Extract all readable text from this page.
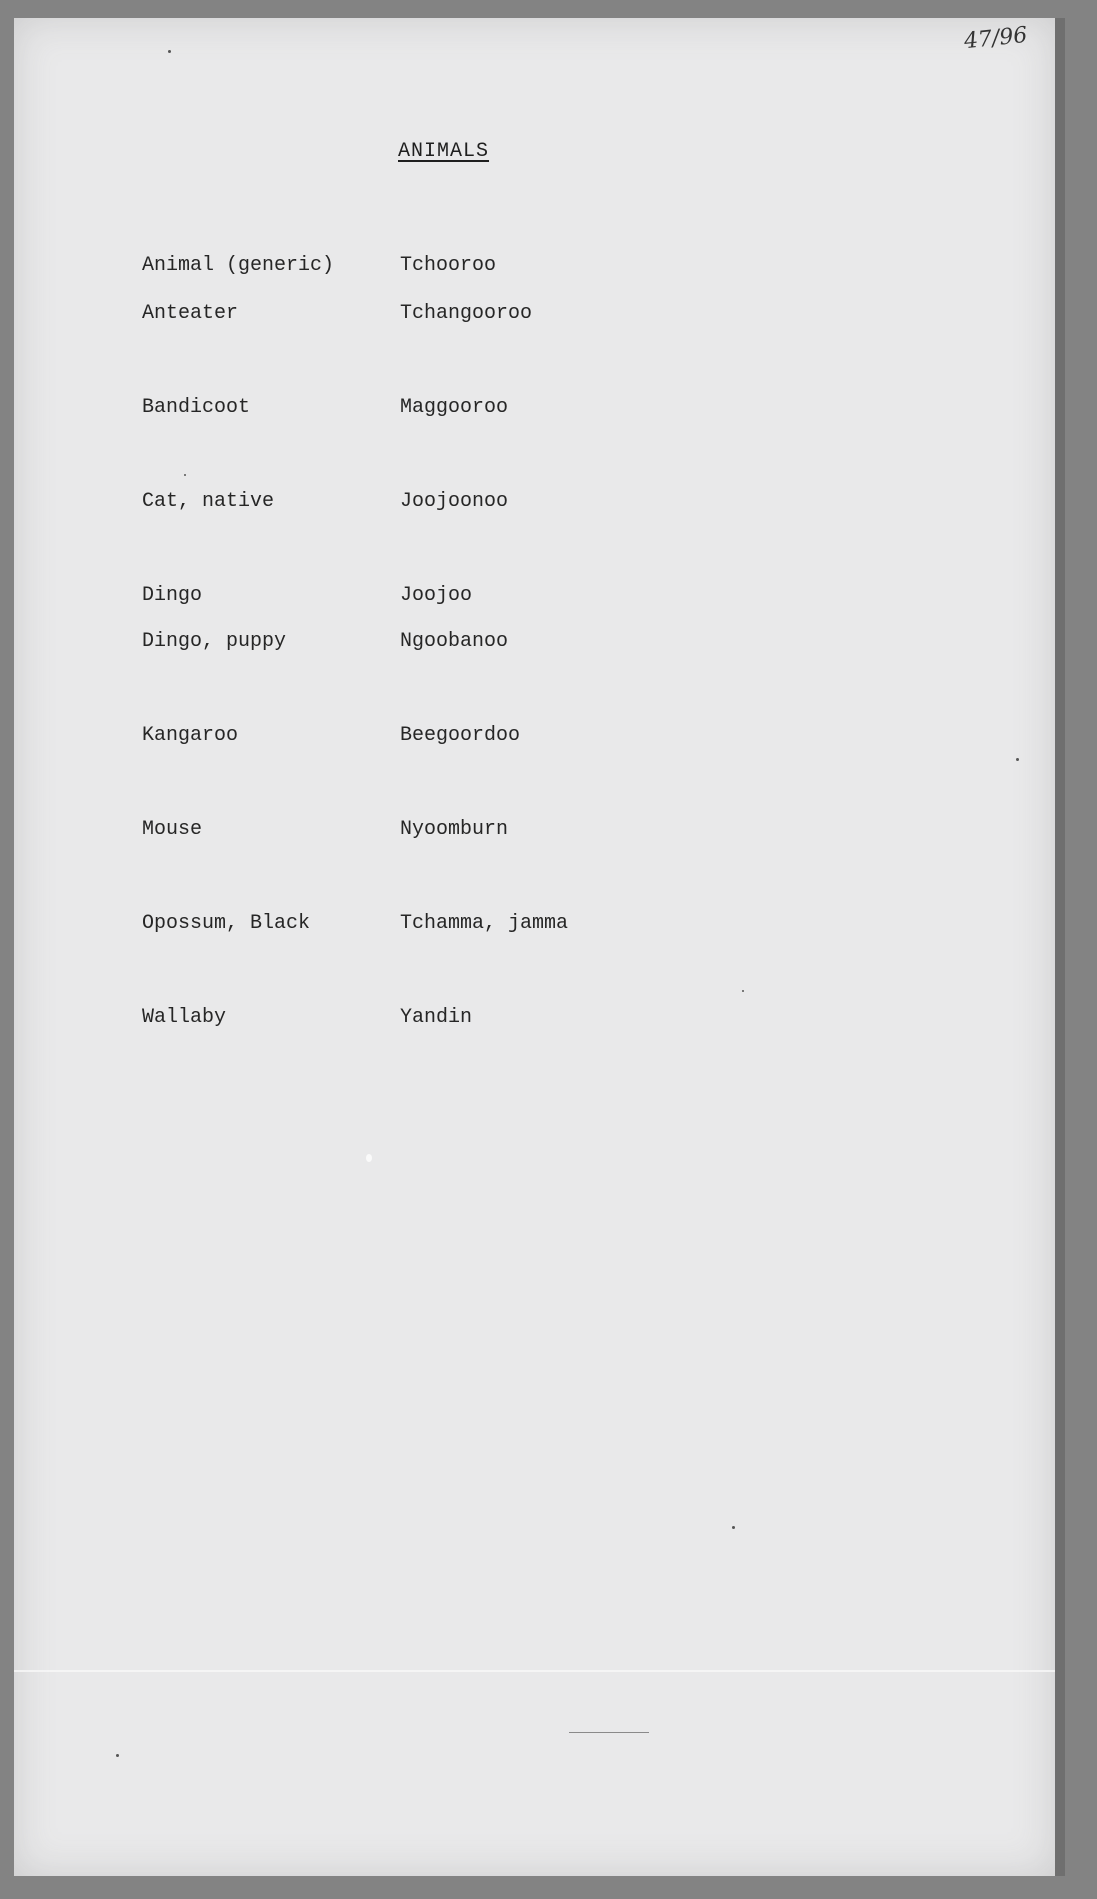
47/96
ANIMALS
Animal (generic)	Tchooroo
Anteater	Tchangooroo
Bandicoot	Maggooroo
Cat, native	Joojoonoo
Dingo	Joojoo
Dingo, puppy	Ngoobanoo
Kangaroo	Beegoordoo
Mouse	Nyoomburn
Opossum, Black	Tchamma, jamma
Wallaby	Yandin
